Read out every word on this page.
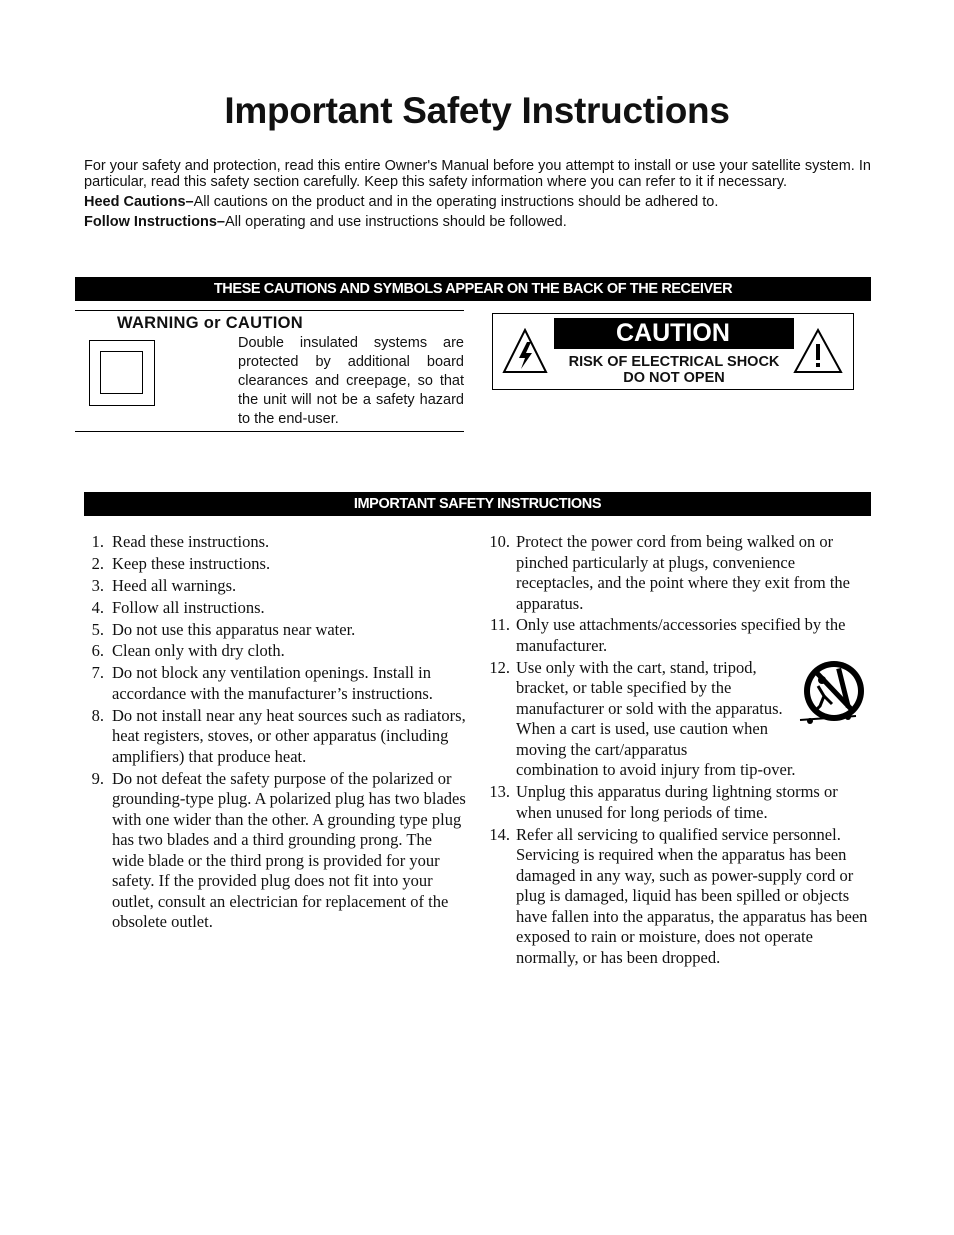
Important Safety Instructions

For your safety and protection, read this entire Owner's Manual before you attempt to install or use your satellite system. In particular, read this safety section carefully. Keep this safety information where you can refer to it if necessary.

Heed Cautions–All cautions on the product and in the operating instructions should be adhered to.

Follow Instructions–All operating and use instructions should be followed.

THESE CAUTIONS AND SYMBOLS APPEAR ON THE BACK OF THE RECEIVER
WARNING or CAUTION
Double insulated systems are protected by additional board clearances and creepage, so that the unit will not be a safety hazard to the end-user.
CAUTION
RISK OF ELECTRICAL SHOCK
DO NOT OPEN
IMPORTANT SAFETY INSTRUCTIONS
1. Read these instructions.
2. Keep these instructions.
3. Heed all warnings.
4. Follow all instructions.
5. Do not use this apparatus near water.
6. Clean only with dry cloth.
7. Do not block any ventilation openings. Install in accordance with the manufacturer’s instructions.
8. Do not install near any heat sources such as radiators, heat registers, stoves, or other apparatus (including amplifiers) that produce heat.
9. Do not defeat the safety purpose of the polarized or grounding-type plug. A polarized plug has two blades with one wider than the other. A grounding type plug has two blades and a third grounding prong. The wide blade or the third prong is provided for your safety. If the provided plug does not fit into your outlet, consult an electrician for replacement of the obsolete outlet.
10. Protect the power cord from being walked on or pinched particularly at plugs, convenience receptacles, and the point where they exit from the apparatus.
11. Only use attachments/accessories specified by the manufacturer.
12. Use only with the cart, stand, tripod, bracket, or table specified by the manufacturer or sold with the apparatus. When a cart is used, use caution when moving the cart/apparatus
combination to avoid injury from tip-over.
13. Unplug this apparatus during lightning storms or when unused for long periods of time.
14. Refer all servicing to qualified service personnel. Servicing is required when the apparatus has been damaged in any way, such as power-supply cord or plug is damaged, liquid has been spilled or objects have fallen into the apparatus, the apparatus has been exposed to rain or moisture, does not operate normally, or has been dropped.
